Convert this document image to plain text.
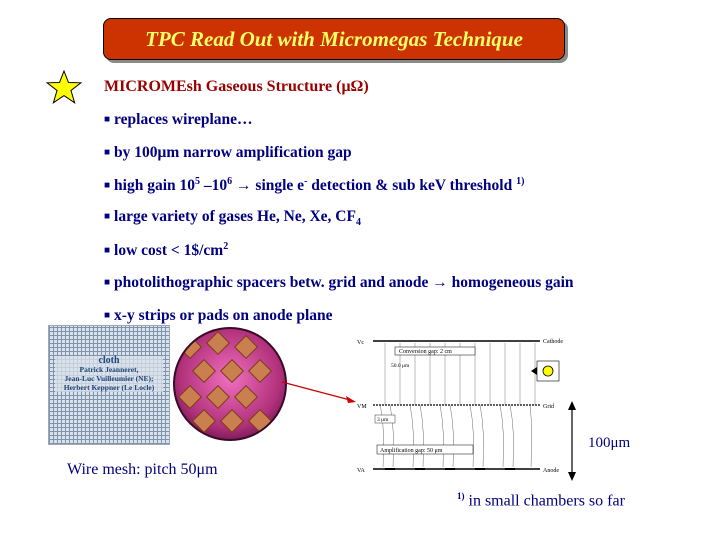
TPC Read Out with Micromegas Technique
MICROMEsh Gaseous Structure (μΩ)
■ replaces wireplane…
■ by 100μm narrow amplification gap
■ high gain $10^5$ $-10^6$ → single e- detection & sub keV threshold $^{1)}$
■ large variety of gases He, Ne, Xe, $CF_4$
■ low $\cos t < 1\$/cm^2$
■ photolithographic spacers betw. grid and anode → homogeneous gain
■ x-y strips or pads on anode plane
cloth
Patrick Jeanneret,
Jean-Luc Vuilleumier (NE);
Herbert Keppner (Le Locle)
Vc	Cathode
Conversion gap: 2 cm
50.0 μm
VM	Grid
3 μm
Amplification gap: 50 μm
VA	Anode
Wire mesh: pitch 50μm
100μm
$^{1)}$ in small chambers so far
